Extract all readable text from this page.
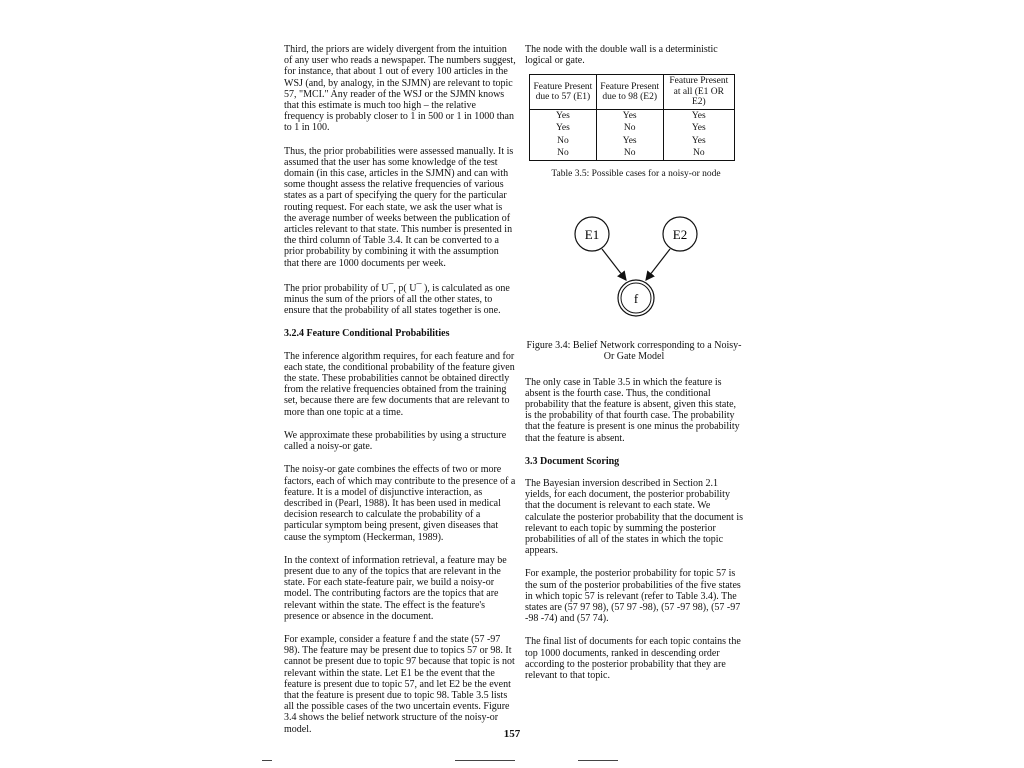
Third, the priors are widely divergent from the intuition of any user who reads a newspaper. The numbers suggest, for instance, that about 1 out of every 100 articles in the WSJ (and, by analogy, in the SJMN) are relevant to topic 57, "MCI." Any reader of the WSJ or the SJMN knows that this estimate is much too high – the relative frequency is probably closer to 1 in 500 or 1 in 1000 than to 1 in 100.

Thus, the prior probabilities were assessed manually. It is assumed that the user has some knowledge of the test domain (in this case, articles in the SJMN) and can with some thought assess the relative frequencies of various states as a part of specifying the query for the particular routing request. For each state, we ask the user what is the average number of weeks between the publication of articles relevant to that state. This number is presented in the third column of Table 3.4. It can be converted to a prior probability by combining it with the assumption that there are 1000 documents per week.

The prior probability of U¯, p( U¯ ), is calculated as one minus the sum of the priors of all the other states, to ensure that the probability of all states together is one.

3.2.4 Feature Conditional Probabilities

The inference algorithm requires, for each feature and for each state, the conditional probability of the feature given the state. These probabilities cannot be obtained directly from the relative frequencies obtained from the training set, because there are few documents that are relevant to more than one topic at a time.

We approximate these probabilities by using a structure called a noisy-or gate.

The noisy-or gate combines the effects of two or more factors, each of which may contribute to the presence of a feature. It is a model of disjunctive interaction, as described in (Pearl, 1988). It has been used in medical decision research to calculate the probability of a particular symptom being present, given diseases that cause the symptom (Heckerman, 1989).

In the context of information retrieval, a feature may be present due to any of the topics that are relevant in the state. For each state-feature pair, we build a noisy-or model. The contributing factors are the topics that are relevant within the state. The effect is the feature's presence or absence in the document.

For example, consider a feature f and the state (57 -97 98). The feature may be present due to topics 57 or 98. It cannot be present due to topic 97 because that topic is not relevant within the state. Let E1 be the event that the feature is present due to topic 57, and let E2 be the event that the feature is present due to topic 98. Table 3.5 lists all the possible cases of the two uncertain events. Figure 3.4 shows the belief network structure of the noisy-or model.

The node with the double wall is a deterministic logical or gate.

Feature Present due to 57 (E1)	Feature Present due to 98 (E2)	Feature Present at all (E1 OR E2)
Yes	Yes	Yes
Yes	No	Yes
No	Yes	Yes
No	No	No
Table 3.5: Possible cases for a noisy-or node
E1	E2
f

Figure 3.4: Belief Network corresponding to a Noisy-Or Gate Model

The only case in Table 3.5 in which the feature is absent is the fourth case. Thus, the conditional probability that the feature is absent, given this state, is the probability of that fourth case. The probability that the feature is present is one minus the probability that the feature is absent.

3.3 Document Scoring

The Bayesian inversion described in Section 2.1 yields, for each document, the posterior probability that the document is relevant to each state. We calculate the posterior probability that the document is relevant to each topic by summing the posterior probabilities of all of the states in which the topic appears.

For example, the posterior probability for topic 57 is the sum of the posterior probabilities of the five states in which topic 57 is relevant (refer to Table 3.4). The states are (57 97 98), (57 97 -98), (57 -97 98), (57 -97 -98 -74) and (57 74).

The final list of documents for each topic contains the top 1000 documents, ranked in descending order according to the posterior probability that they are relevant to that topic.

157
